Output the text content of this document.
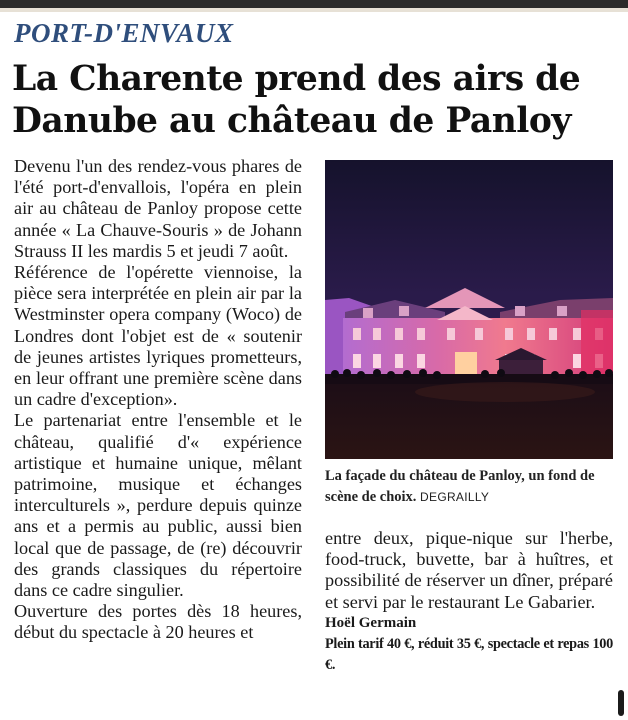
PORT-D'ENVAUX
La Charente prend des airs de Danube au château de Panloy

Devenu l'un des rendez-vous phares de l'été port-d'envallois, l'opéra en plein air au château de Panloy propose cette année « La Chauve-Souris » de Johann Strauss II les mardis 5 et jeudi 7 août.

Référence de l'opérette viennoise, la pièce sera interprétée en plein air par la Westminster opera company (Woco) de Londres dont l'objet est de « soutenir de jeunes artistes lyriques prometteurs, en leur offrant une première scène dans un cadre d'exception».

Le partenariat entre l'ensemble et le château, qualifié d'« expérience artistique et humaine unique, mêlant patrimoine, musique et échanges interculturels », perdure depuis quinze ans et a permis au public, aussi bien local que de passage, de (re) découvrir des grands classiques du répertoire dans ce cadre singulier.

Ouverture des portes dès 18 heures, début du spectacle à 20 heures et

La façade du château de Panloy, un fond de scène de choix. DEGRAILLY

entre deux, pique-nique sur l'herbe, food-truck, buvette, bar à huîtres, et possibilité de réserver un dîner, préparé et servi par le restaurant Le Gabarier.

Hoël Germain

Plein tarif 40 €, réduit 35 €, spectacle et repas 100 €.
